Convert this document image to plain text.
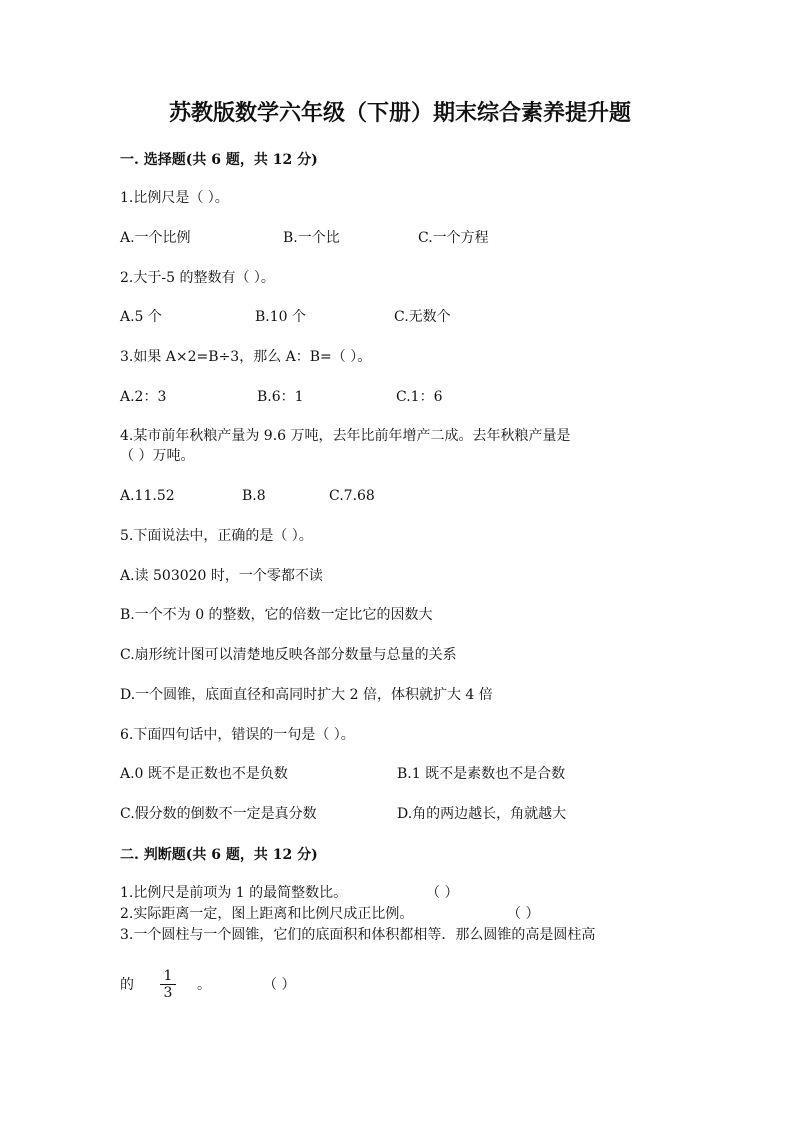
苏教版数学六年级（下册）期末综合素养提升题
一. 选择题(共 6 题，共 12 分)
1.比例尺是（ ）。
A.一个比例	B.一个比	C.一个方程
2.大于-5 的整数有（ ）。
A.5 个	B.10 个	C.无数个
3.如果 A×2=B÷3，那么 A：B=（ ）。
A.2：3	B.6：1	C.1：6
4.某市前年秋粮产量为 9.6 万吨，去年比前年增产二成。去年秋粮产量是
（ ）万吨。
A.11.52	B.8	C.7.68
5.下面说法中，正确的是（ ）。
A.读 503020 时，一个零都不读
B.一个不为 0 的整数，它的倍数一定比它的因数大
C.扇形统计图可以清楚地反映各部分数量与总量的关系
D.一个圆锥，底面直径和高同时扩大 2 倍，体积就扩大 4 倍
6.下面四句话中，错误的一句是（ ）。
A.0 既不是正数也不是负数	B.1 既不是素数也不是合数
C.假分数的倒数不一定是真分数	D.角的两边越长，角就越大
二. 判断题(共 6 题，共 12 分)
1.比例尺是前项为 1 的最简整数比。	（ ）
2.实际距离一定，图上距离和比例尺成正比例。	（ ）
3.一个圆柱与一个圆锥，它们的底面积和体积都相等．那么圆锥的高是圆柱高
的
1
3	。	（ ）
